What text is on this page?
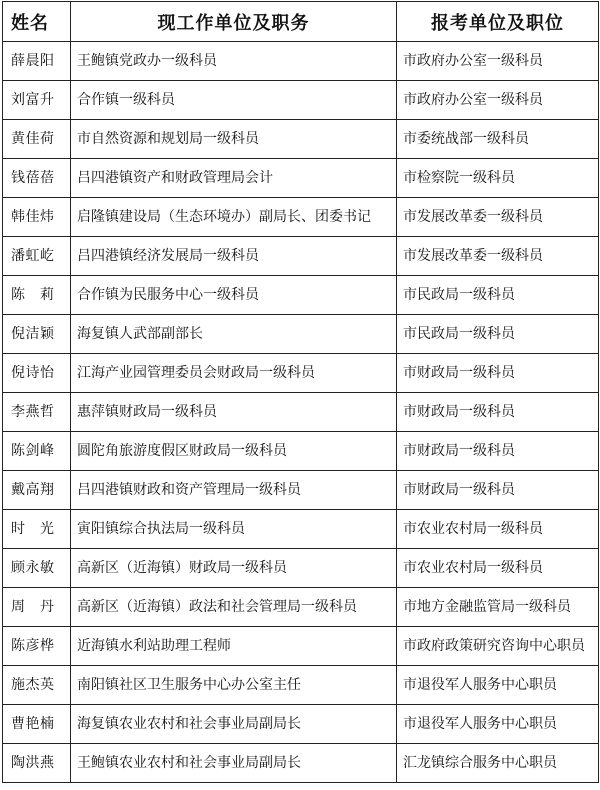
姓名	现工作单位及职务	报考单位及职位
薛晨阳	王鲍镇党政办一级科员	市政府办公室一级科员
刘富升	合作镇一级科员	市政府办公室一级科员
黄佳荷	市自然资源和规划局一级科员	市委统战部一级科员
钱蓓蓓	吕四港镇资产和财政管理局会计	市检察院一级科员
韩佳炜	启隆镇建设局（生态环境办）副局长、团委书记	市发展改革委一级科员
潘虹屹	吕四港镇经济发展局一级科员	市发展改革委一级科员
陈　莉	合作镇为民服务中心一级科员	市民政局一级科员
倪洁颖	海复镇人武部副部长	市民政局一级科员
倪诗怡	江海产业园管理委员会财政局一级科员	市财政局一级科员
李燕哲	惠萍镇财政局一级科员	市财政局一级科员
陈剑峰	圆陀角旅游度假区财政局一级科员	市财政局一级科员
戴高翔	吕四港镇财政和资产管理局一级科员	市财政局一级科员
时　光	寅阳镇综合执法局一级科员	市农业农村局一级科员
顾永敏	高新区（近海镇）财政局一级科员	市农业农村局一级科员
周　丹	高新区（近海镇）政法和社会管理局一级科员	市地方金融监管局一级科员
陈彦桦	近海镇水利站助理工程师	市政府政策研究咨询中心职员
施杰英	南阳镇社区卫生服务中心办公室主任	市退役军人服务中心职员
曹艳楠	海复镇农业农村和社会事业局副局长	市退役军人服务中心职员
陶洪燕	王鲍镇农业农村和社会事业局副局长	汇龙镇综合服务中心职员
